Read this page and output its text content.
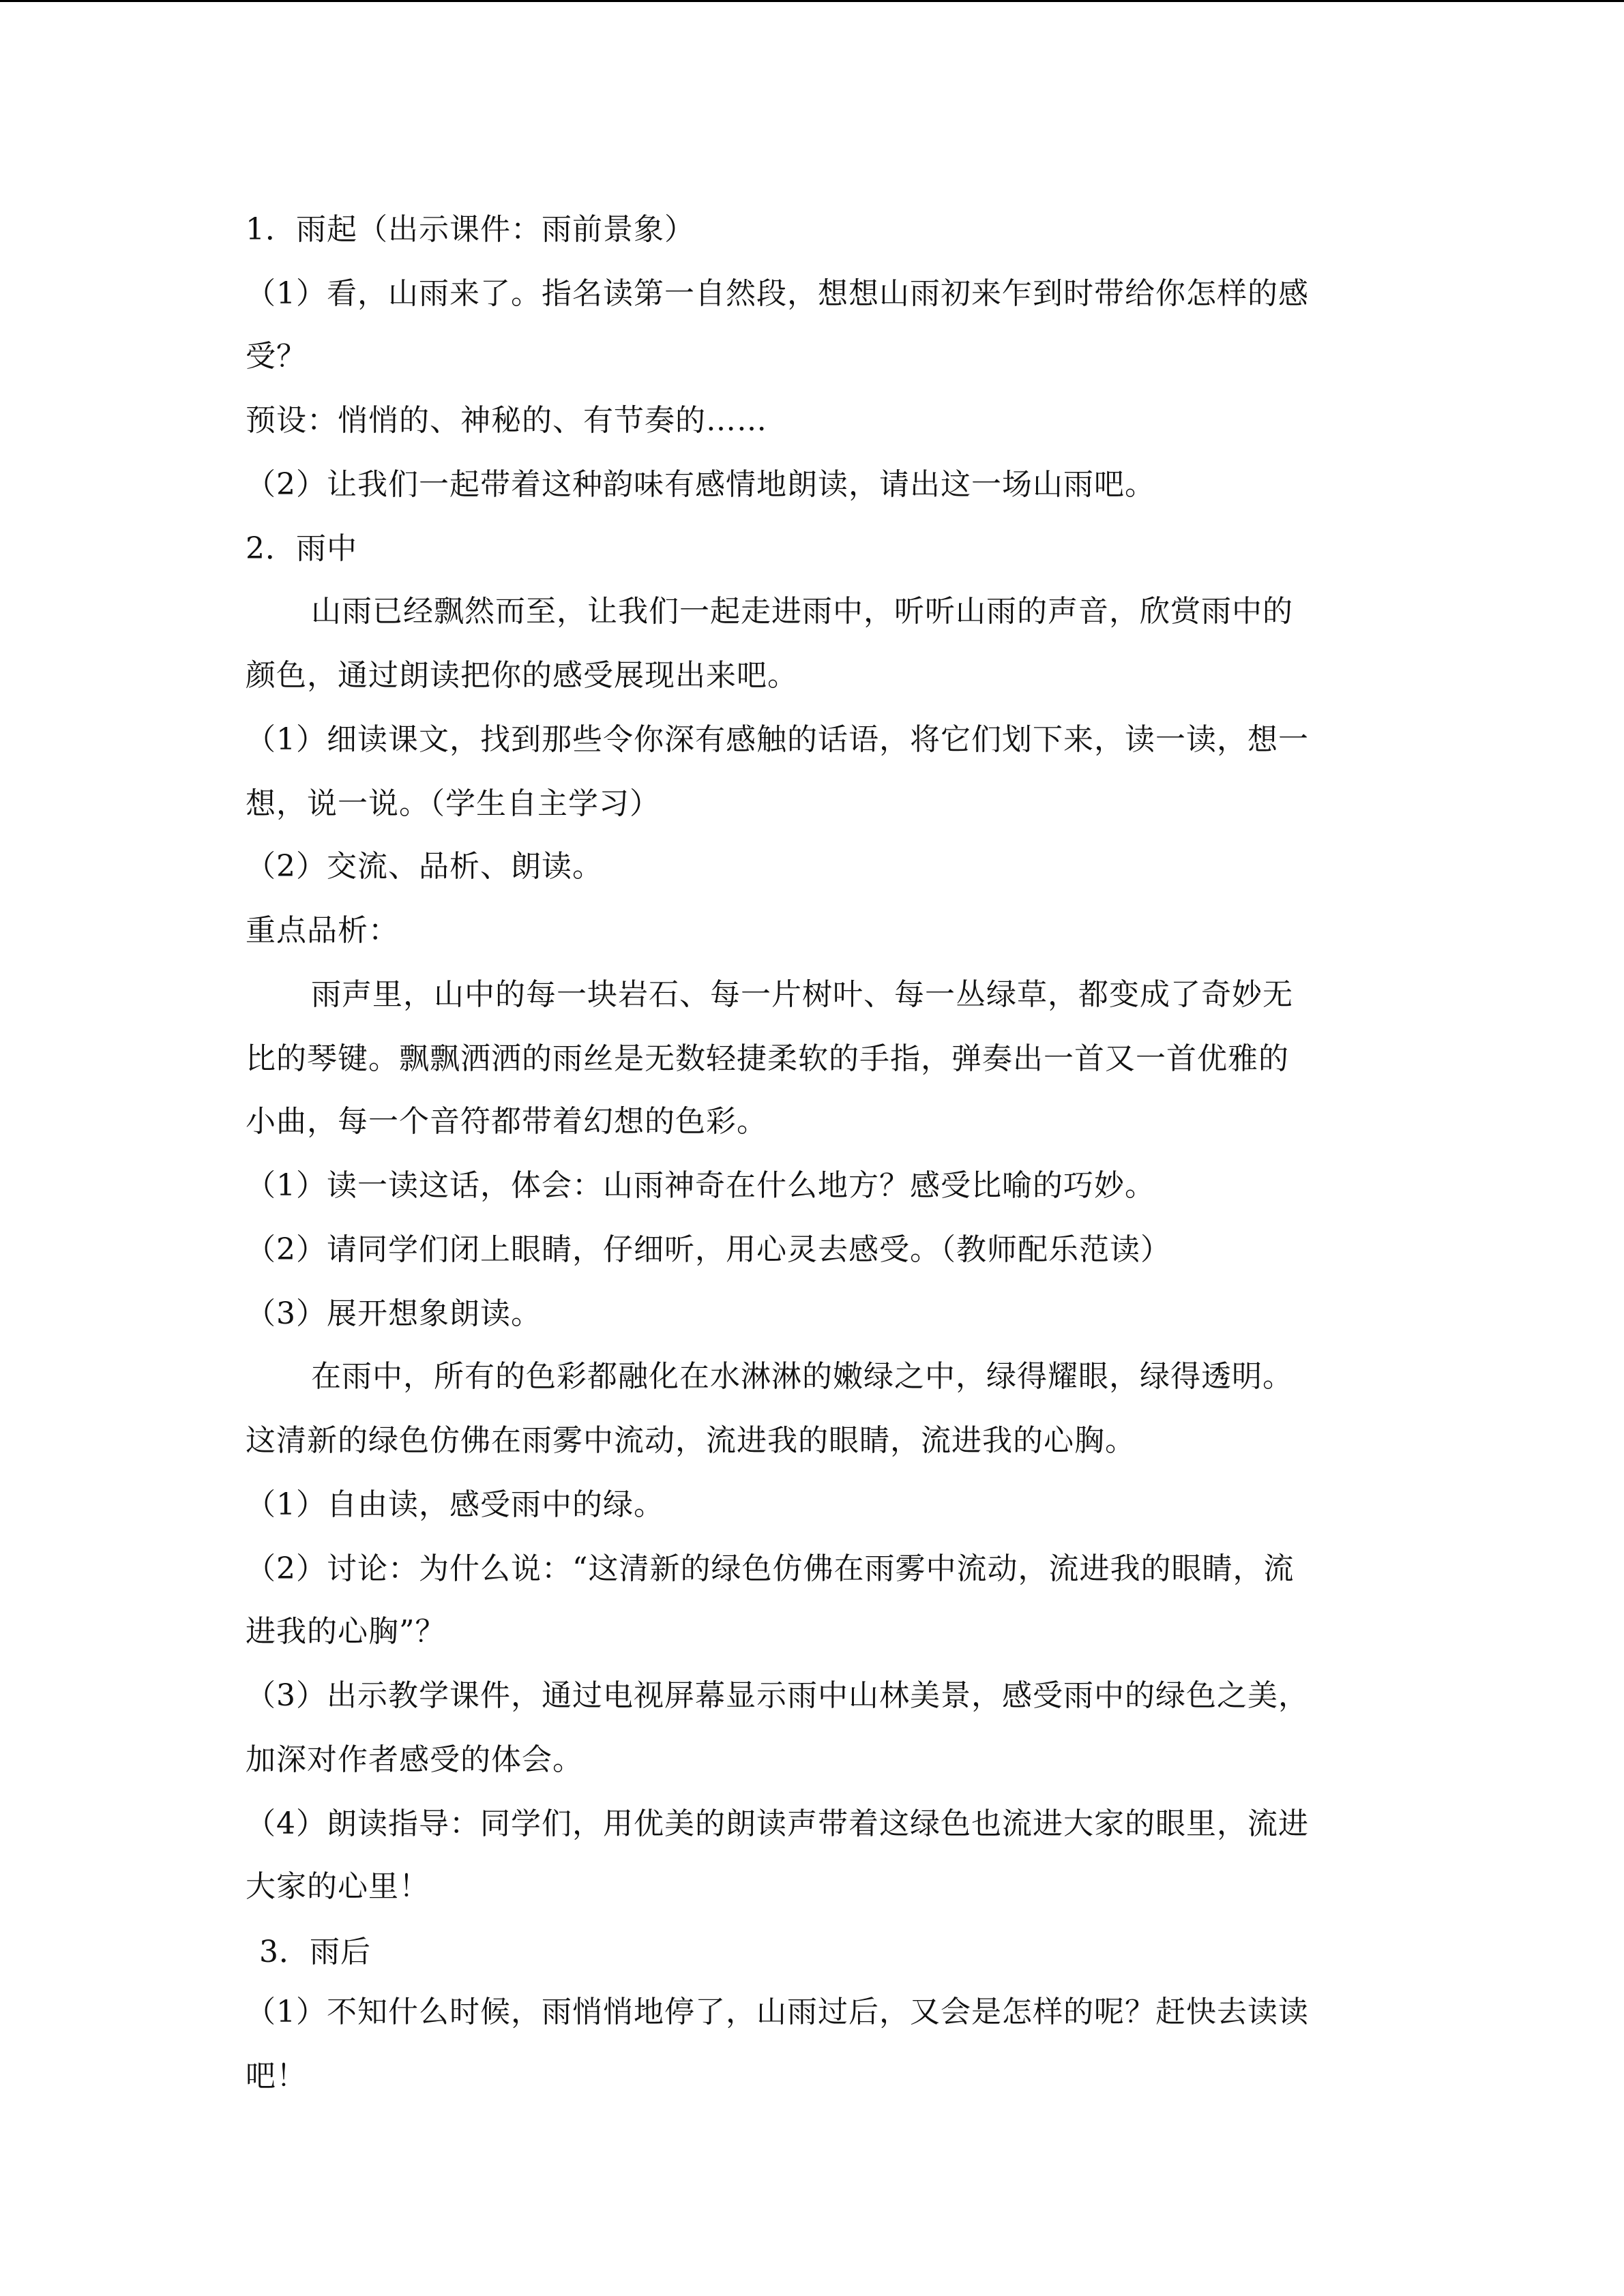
1．雨起（出示课件：雨前景象）
（1）看，山雨来了。指名读第一自然段，想想山雨初来乍到时带给你怎样的感
受？
预设：悄悄的、神秘的、有节奏的……
（2）让我们一起带着这种韵味有感情地朗读，请出这一场山雨吧。
2．雨中
山雨已经飘然而至，让我们一起走进雨中，听听山雨的声音，欣赏雨中的
颜色，通过朗读把你的感受展现出来吧。
（1）细读课文，找到那些令你深有感触的话语，将它们划下来，读一读，想一
想，说一说。（学生自主学习）
（2）交流、品析、朗读。
重点品析：
雨声里，山中的每一块岩石、每一片树叶、每一丛绿草，都变成了奇妙无
比的琴键。飘飘洒洒的雨丝是无数轻捷柔软的手指，弹奏出一首又一首优雅的
小曲，每一个音符都带着幻想的色彩。
（1）读一读这话，体会：山雨神奇在什么地方？感受比喻的巧妙。
（2）请同学们闭上眼睛，仔细听，用心灵去感受。（教师配乐范读）
（3）展开想象朗读。
在雨中，所有的色彩都融化在水淋淋的嫩绿之中，绿得耀眼，绿得透明。
这清新的绿色仿佛在雨雾中流动，流进我的眼睛，流进我的心胸。
（1）自由读，感受雨中的绿。
（2）讨论：为什么说：“这清新的绿色仿佛在雨雾中流动，流进我的眼睛，流
进我的心胸”？
（3）出示教学课件，通过电视屏幕显示雨中山林美景，感受雨中的绿色之美，
加深对作者感受的体会。
（4）朗读指导：同学们，用优美的朗读声带着这绿色也流进大家的眼里，流进
大家的心里！
3．雨后
（1）不知什么时候，雨悄悄地停了，山雨过后，又会是怎样的呢？赶快去读读
吧！
